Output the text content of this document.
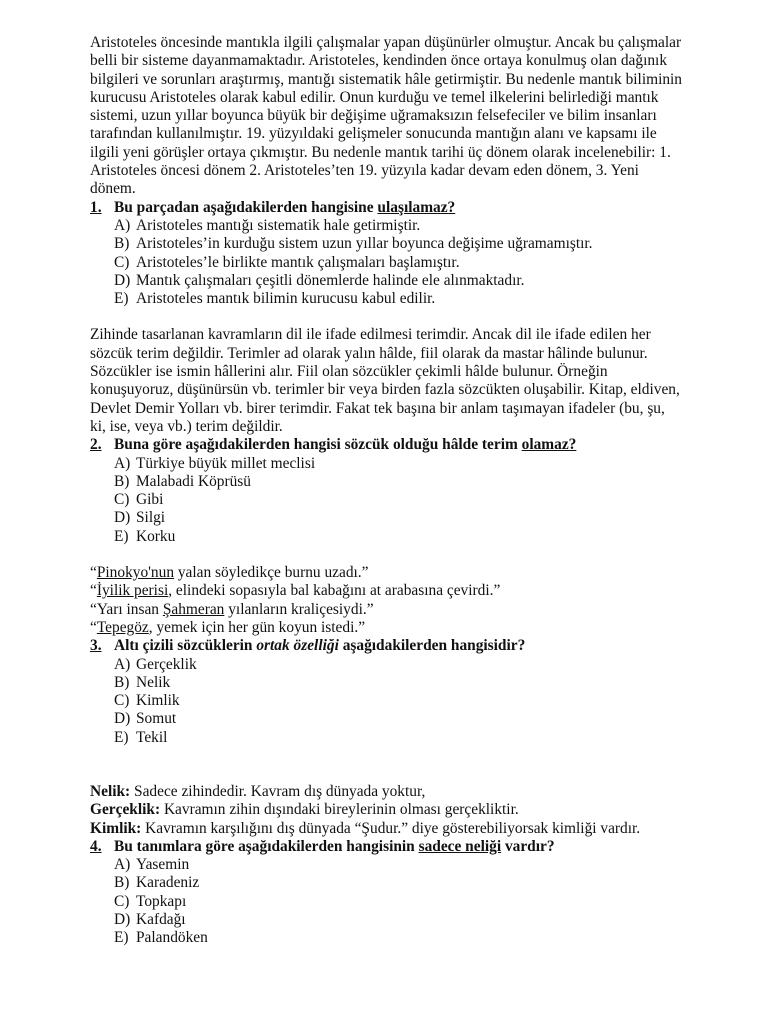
Aristoteles öncesinde mantıkla ilgili çalışmalar yapan düşünürler olmuştur. Ancak bu çalışmalar belli bir sisteme dayanmamaktadır. Aristoteles, kendinden önce ortaya konulmuş olan dağınık bilgileri ve sorunları araştırmış, mantığı sistematik hâle getirmiştir. Bu nedenle mantık biliminin kurucusu Aristoteles olarak kabul edilir. Onun kurduğu ve temel ilkelerini belirlediği mantık sistemi, uzun yıllar boyunca büyük bir değişime uğramaksızın felsefeciler ve bilim insanları tarafından kullanılmıştır. 19. yüzyıldaki gelişmeler sonucunda mantığın alanı ve kapsamı ile ilgili yeni görüşler ortaya çıkmıştır. Bu nedenle mantık tarihi üç dönem olarak incelenebilir: 1. Aristoteles öncesi dönem 2. Aristoteles’ten 19. yüzyıla kadar devam eden dönem, 3. Yeni dönem.

1. Bu parçadan aşağıdakilerden hangisine ulaşılamaz?
A) Aristoteles mantığı sistematik hale getirmiştir.
B) Aristoteles’in kurduğu sistem uzun yıllar boyunca değişime uğramamıştır.
C) Aristoteles’le birlikte mantık çalışmaları başlamıştır.
D) Mantık çalışmaları çeşitli dönemlerde halinde ele alınmaktadır.
E) Aristoteles mantık bilimin kurucusu kabul edilir.

Zihinde tasarlanan kavramların dil ile ifade edilmesi terimdir. Ancak dil ile ifade edilen her sözcük terim değildir. Terimler ad olarak yalın hâlde, fiil olarak da mastar hâlinde bulunur. Sözcükler ise ismin hâllerini alır. Fiil olan sözcükler çekimli hâlde bulunur. Örneğin konuşuyoruz, düşünürsün vb. terimler bir veya birden fazla sözcükten oluşabilir. Kitap, eldiven, Devlet Demir Yolları vb. birer terimdir. Fakat tek başına bir anlam taşımayan ifadeler (bu, şu, ki, ise, veya vb.) terim değildir.

2. Buna göre aşağıdakilerden hangisi sözcük olduğu hâlde terim olamaz?
A) Türkiye büyük millet meclisi
B) Malabadi Köprüsü
C) Gibi
D) Silgi
E) Korku
“Pinokyo'nun yalan söyledikçe burnu uzadı.”
“İyilik perisi, elindeki sopasıyla bal kabağını at arabasına çevirdi.”
“Yarı insan Şahmeran yılanların kraliçesiydi.”
“Tepegöz, yemek için her gün koyun istedi.”
3. Altı çizili sözcüklerin ortak özelliği aşağıdakilerden hangisidir?
A) Gerçeklik
B) Nelik
C) Kimlik
D) Somut
E) Tekil
Nelik: Sadece zihindedir. Kavram dış dünyada yoktur,
Gerçeklik: Kavramın zihin dışındaki bireylerinin olması gerçekliktir.
Kimlik: Kavramın karşılığını dış dünyada “Şudur.” diye gösterebiliyorsak kimliği vardır.
4. Bu tanımlara göre aşağıdakilerden hangisinin sadece neliği vardır?
A) Yasemin
B) Karadeniz
C) Topkapı
D) Kafdağı
E) Palandöken
